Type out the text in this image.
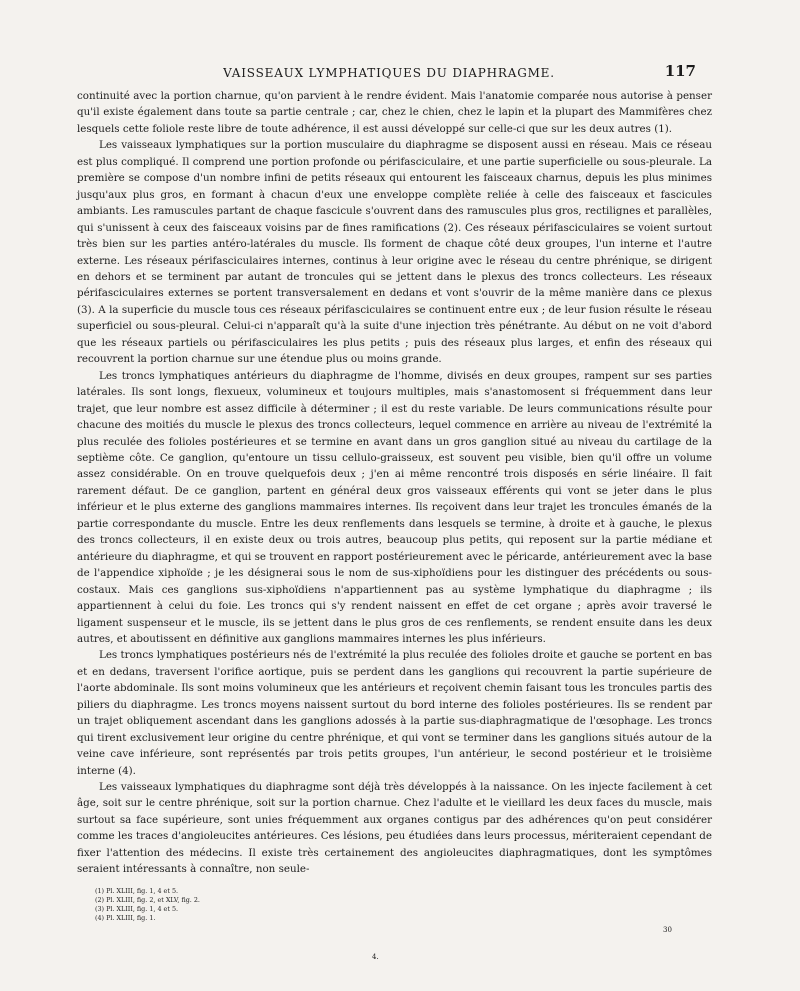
VAISSEAUX LYMPHATIQUES DU DIAPHRAGME.	117

continuité avec la portion charnue, qu'on parvient à le rendre évident. Mais l'anatomie comparée nous autorise à penser qu'il existe également dans toute sa partie centrale ; car, chez le chien, chez le lapin et la plupart des Mammifères chez lesquels cette foliole reste libre de toute adhérence, il est aussi développé sur celle-ci que sur les deux autres (1).

Les vaisseaux lymphatiques sur la portion musculaire du diaphragme se disposent aussi en réseau. Mais ce réseau est plus compliqué. Il comprend une portion profonde ou périfasciculaire, et une partie superficielle ou sous-pleurale. La première se compose d'un nombre infini de petits réseaux qui entourent les faisceaux charnus, depuis les plus minimes jusqu'aux plus gros, en formant à chacun d'eux une enveloppe complète reliée à celle des faisceaux et fascicules ambiants. Les ramuscules partant de chaque fascicule s'ouvrent dans des ramuscules plus gros, rectilignes et parallèles, qui s'unissent à ceux des faisceaux voisins par de fines ramifications (2). Ces réseaux périfasciculaires se voient surtout très bien sur les parties antéro-latérales du muscle. Ils forment de chaque côté deux groupes, l'un interne et l'autre externe. Les réseaux périfasciculaires internes, continus à leur origine avec le réseau du centre phrénique, se dirigent en dehors et se terminent par autant de troncules qui se jettent dans le plexus des troncs collecteurs. Les réseaux périfasciculaires externes se portent transversalement en dedans et vont s'ouvrir de la même manière dans ce plexus (3). A la superficie du muscle tous ces réseaux périfasciculaires se continuent entre eux ; de leur fusion résulte le réseau superficiel ou sous-pleural. Celui-ci n'apparaît qu'à la suite d'une injection très pénétrante. Au début on ne voit d'abord que les réseaux partiels ou périfasciculaires les plus petits ; puis des réseaux plus larges, et enfin des réseaux qui recouvrent la portion charnue sur une étendue plus ou moins grande.

Les troncs lymphatiques antérieurs du diaphragme de l'homme, divisés en deux groupes, rampent sur ses parties latérales. Ils sont longs, flexueux, volumineux et toujours multiples, mais s'anastomosent si fréquemment dans leur trajet, que leur nombre est assez difficile à déterminer ; il est du reste variable. De leurs communications résulte pour chacune des moitiés du muscle le plexus des troncs collecteurs, lequel commence en arrière au niveau de l'extrémité la plus reculée des folioles postérieures et se termine en avant dans un gros ganglion situé au niveau du cartilage de la septième côte. Ce ganglion, qu'entoure un tissu cellulo-graisseux, est souvent peu visible, bien qu'il offre un volume assez considérable. On en trouve quelquefois deux ; j'en ai même rencontré trois disposés en série linéaire. Il fait rarement défaut. De ce ganglion, partent en général deux gros vaisseaux efférents qui vont se jeter dans le plus inférieur et le plus externe des ganglions mammaires internes. Ils reçoivent dans leur trajet les troncules émanés de la partie correspondante du muscle. Entre les deux renflements dans lesquels se termine, à droite et à gauche, le plexus des troncs collecteurs, il en existe deux ou trois autres, beaucoup plus petits, qui reposent sur la partie médiane et antérieure du diaphragme, et qui se trouvent en rapport postérieurement avec le péricarde, antérieurement avec la base de l'appendice xiphoïde ; je les désignerai sous le nom de sus-xiphoïdiens pour les distinguer des précédents ou sous-costaux. Mais ces ganglions sus-xiphoïdiens n'appartiennent pas au système lymphatique du diaphragme ; ils appartiennent à celui du foie. Les troncs qui s'y rendent naissent en effet de cet organe ; après avoir traversé le ligament suspenseur et le muscle, ils se jettent dans le plus gros de ces renflements, se rendent ensuite dans les deux autres, et aboutissent en définitive aux ganglions mammaires internes les plus inférieurs.

Les troncs lymphatiques postérieurs nés de l'extrémité la plus reculée des folioles droite et gauche se portent en bas et en dedans, traversent l'orifice aortique, puis se perdent dans les ganglions qui recouvrent la partie supérieure de l'aorte abdominale. Ils sont moins volumineux que les antérieurs et reçoivent chemin faisant tous les troncules partis des piliers du diaphragme. Les troncs moyens naissent surtout du bord interne des folioles postérieures. Ils se rendent par un trajet obliquement ascendant dans les ganglions adossés à la partie sus-diaphragmatique de l'œsophage. Les troncs qui tirent exclusivement leur origine du centre phrénique, et qui vont se terminer dans les ganglions situés autour de la veine cave inférieure, sont représentés par trois petits groupes, l'un antérieur, le second postérieur et le troisième interne (4).

Les vaisseaux lymphatiques du diaphragme sont déjà très développés à la naissance. On les injecte facilement à cet âge, soit sur le centre phrénique, soit sur la portion charnue. Chez l'adulte et le vieillard les deux faces du muscle, mais surtout sa face supérieure, sont unies fréquemment aux organes contigus par des adhérences qu'on peut considérer comme les traces d'angioleucites antérieures. Ces lésions, peu étudiées dans leurs processus, mériteraient cependant de fixer l'attention des médecins. Il existe très certainement des angioleucites diaphragmatiques, dont les symptômes seraient intéressants à connaître, non seule-

(1) Pl. XLIII, fig. 1, 4 et 5.

(2) Pl. XLIII, fig. 2, et XLV, fig. 2.

(3) Pl. XLIII, fig. 1, 4 et 5.

(4) Pl. XLIII, fig. 1.

30
4.
